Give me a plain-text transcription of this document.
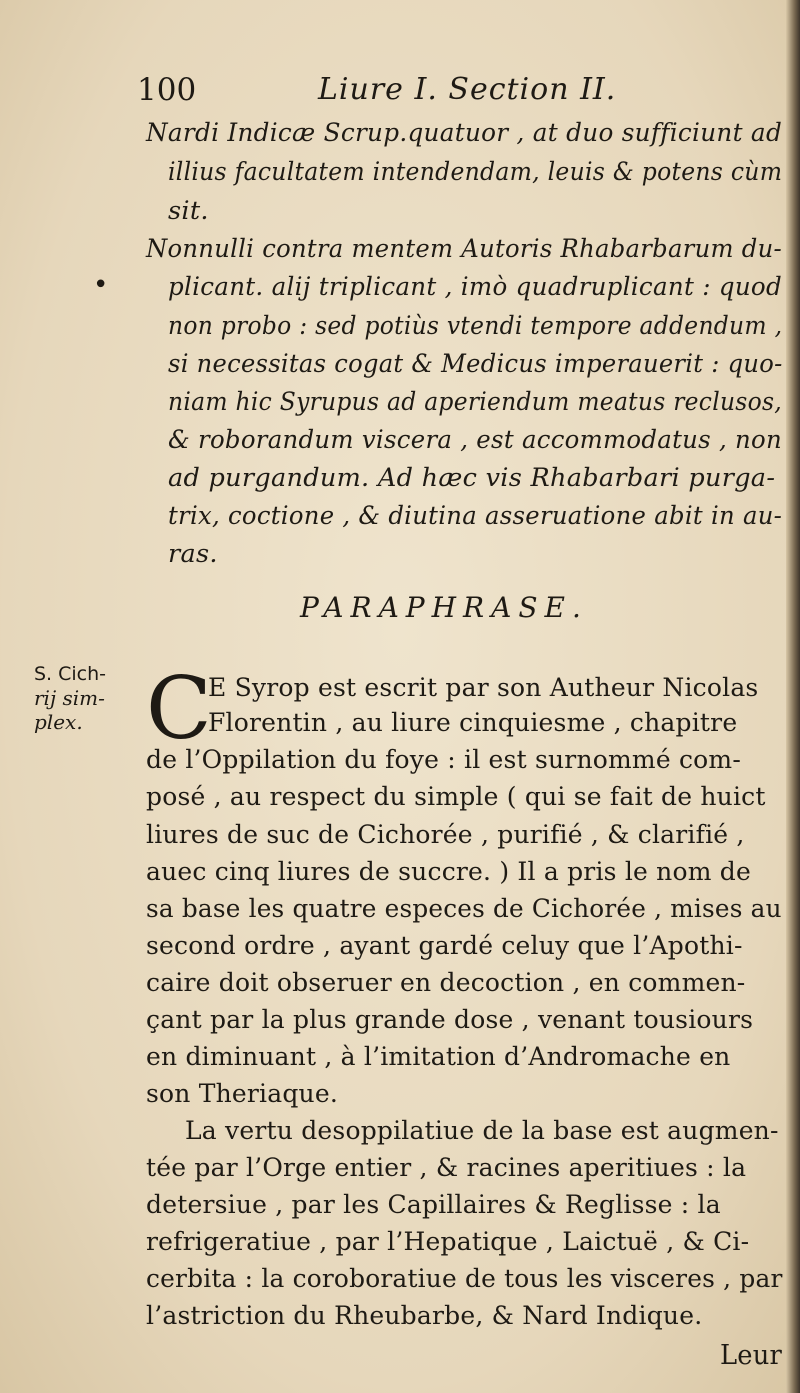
100	Liure I. Section II.
Nardi Indicæ Scrup.quatuor , at duo sufficiunt ad
illius facultatem intendendam, leuis & potens cùm
sit.
Nonnulli contra mentem Autoris Rhabarbarum du-
plicant. alij triplicant , imò quadruplicant : quod
non probo : sed potiùs vtendi tempore addendum ,
si necessitas cogat & Medicus imperauerit : quo-
niam hic Syrupus ad aperiendum meatus reclusos,
& roborandum viscera , est accommodatus , non
ad purgandum. Ad hæc vis Rhabarbari purga-
trix, coctione , & diutina asseruatione abit in au-
ras.
•
PARAPHRASE.
S. Cich-
rij sim-
plex. C
E Syrop est escrit par son Autheur Nicolas
Florentin , au liure cinquiesme , chapitre
de l’Oppilation du foye : il est surnommé com-
posé , au respect du simple ( qui se fait de huict
liures de suc de Cichorée , purifié , & clarifié ,
auec cinq liures de succre. ) Il a pris le nom de
sa base les quatre especes de Cichorée , mises au
second ordre , ayant gardé celuy que l’Apothi-
caire doit obseruer en decoction , en commen-
çant par la plus grande dose , venant tousiours
en diminuant , à l’imitation d’Andromache en
son Theriaque.
La vertu desoppilatiue de la base est augmen-
tée par l’Orge entier , & racines aperitiues : la
detersiue , par les Capillaires & Reglisse : la
refrigeratiue , par l’Hepatique , Laictuë , & Ci-
cerbita : la coroboratiue de tous les visceres , par
l’astriction du Rheubarbe, & Nard Indique.
Leur
